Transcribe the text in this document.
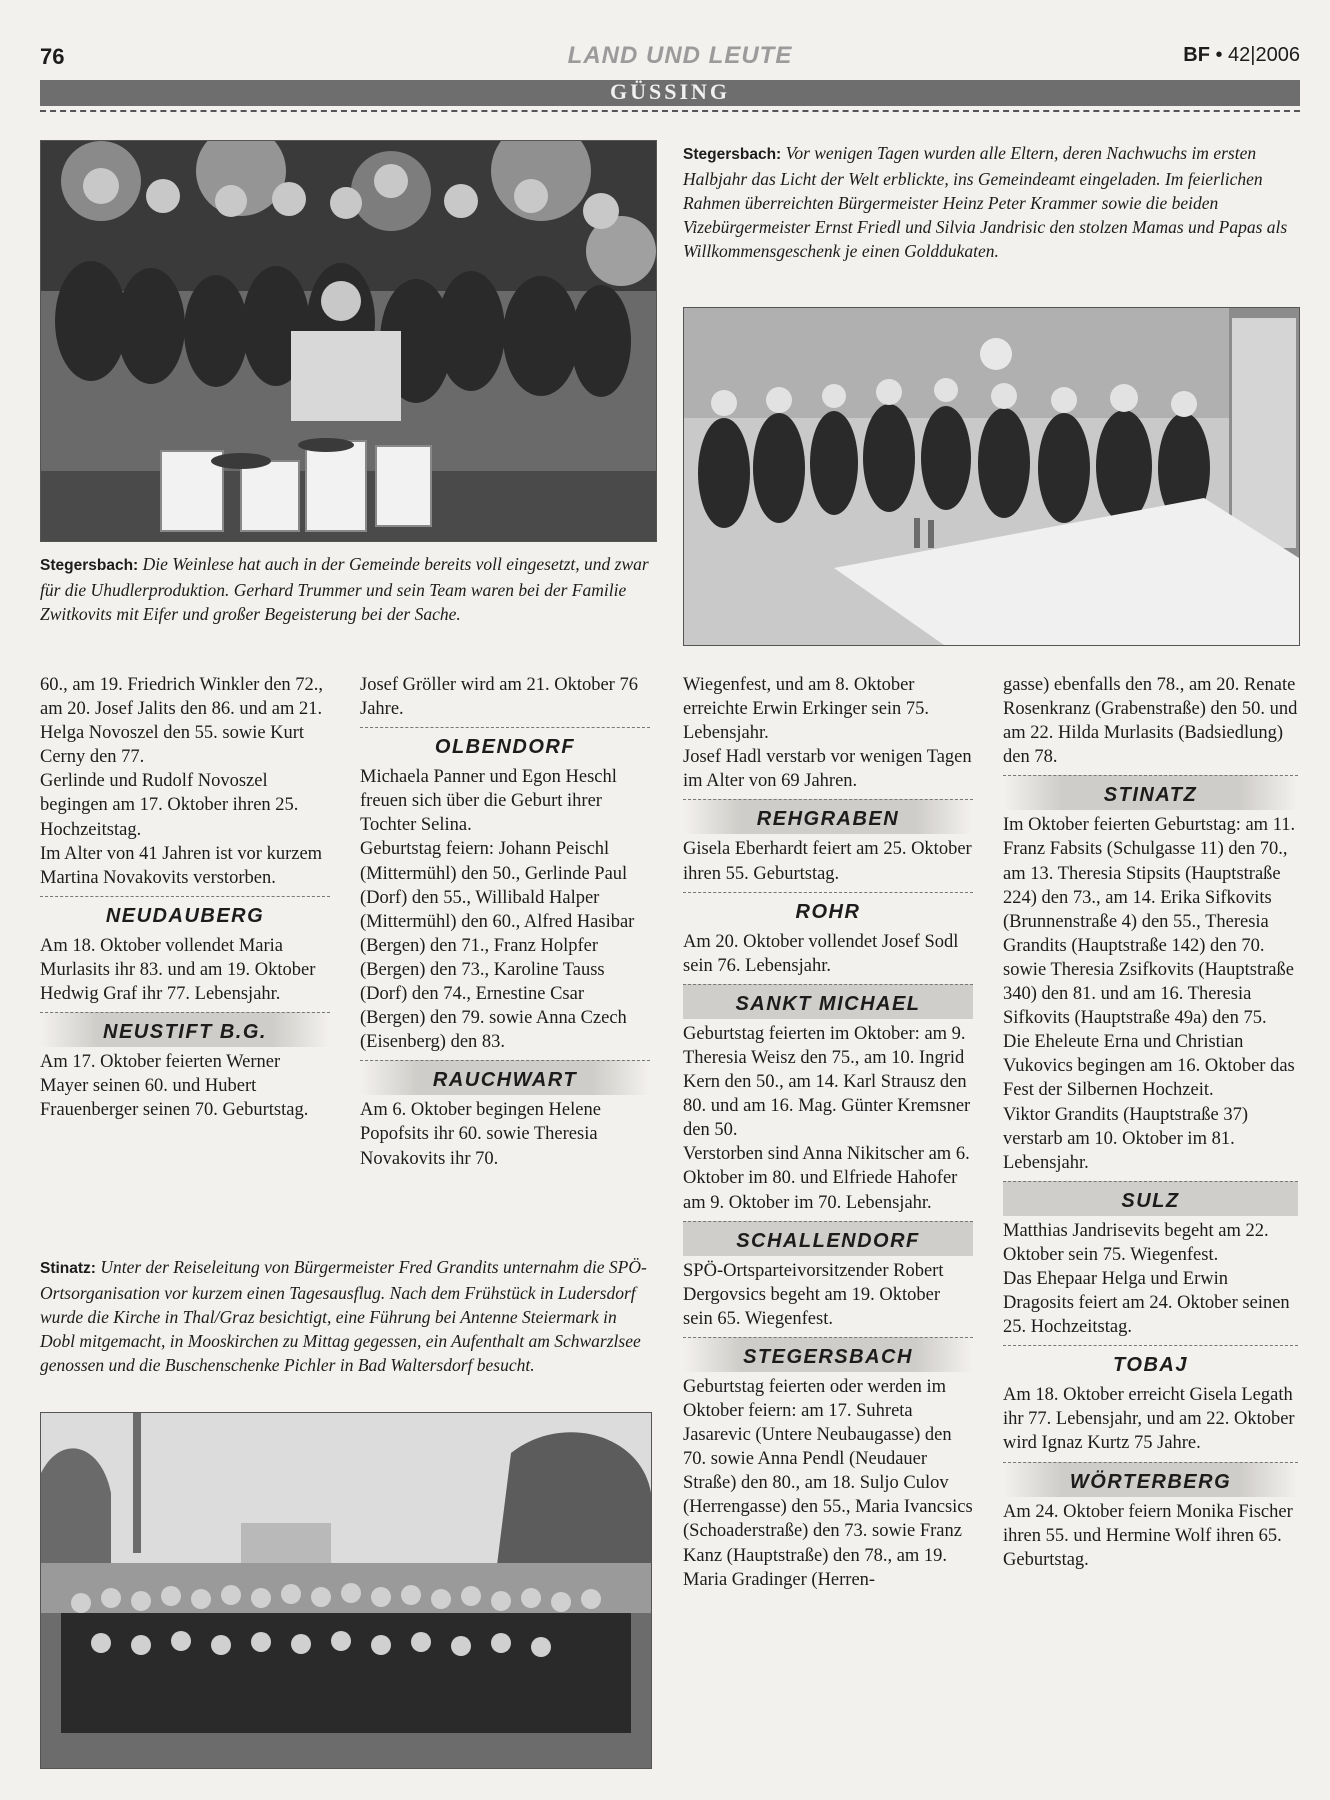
76	LAND UND LEUTE	BF • 42|2006
GÜSSING
Stegersbach: Die Weinlese hat auch in der Gemeinde bereits voll eingesetzt, und zwar für die Uhudlerproduktion. Gerhard Trummer und sein Team waren bei der Familie Zwitkovits mit Eifer und großer Begeisterung bei der Sache.
Stegersbach: Vor wenigen Tagen wurden alle Eltern, deren Nachwuchs im ersten Halbjahr das Licht der Welt erblickte, ins Gemeindeamt eingeladen. Im feierlichen Rahmen überreichten Bürgermeister Heinz Peter Krammer sowie die beiden Vizebürgermeister Ernst Friedl und Silvia Jandrisic den stolzen Mamas und Papas als Willkommensgeschenk je einen Golddukaten.
Stinatz: Unter der Reiseleitung von Bürgermeister Fred Grandits unternahm die SPÖ-Ortsorganisation vor kurzem einen Tagesausflug. Nach dem Frühstück in Ludersdorf wurde die Kirche in Thal/Graz besichtigt, eine Führung bei Antenne Steiermark in Dobl mitgemacht, in Mooskirchen zu Mittag gegessen, ein Aufenthalt am Schwarzlsee genossen und die Buschenschenke Pichler in Bad Waltersdorf besucht.

60., am 19. Friedrich Winkler den 72., am 20. Josef Jalits den 86. und am 21. Helga Novoszel den 55. sowie Kurt Cerny den 77.

Gerlinde und Rudolf Novoszel begingen am 17. Oktober ihren 25. Hochzeitstag.

Im Alter von 41 Jahren ist vor kurzem Martina Novakovits verstorben.

NEUDAUBERG

Am 18. Oktober vollendet Maria Murlasits ihr 83. und am 19. Oktober Hedwig Graf ihr 77. Lebensjahr.

NEUSTIFT B.G.

Am 17. Oktober feierten Werner Mayer seinen 60. und Hubert Frauenberger seinen 70. Geburtstag.

Josef Gröller wird am 21. Oktober 76 Jahre.

OLBENDORF

Michaela Panner und Egon Heschl freuen sich über die Geburt ihrer Tochter Selina.

Geburtstag feiern: Johann Peischl (Mittermühl) den 50., Gerlinde Paul (Dorf) den 55., Willibald Halper (Mittermühl) den 60., Alfred Hasibar (Bergen) den 71., Franz Holpfer (Bergen) den 73., Karoline Tauss (Dorf) den 74., Ernestine Csar (Bergen) den 79. sowie Anna Czech (Eisenberg) den 83.

RAUCHWART

Am 6. Oktober begingen Helene Popofsits ihr 60. sowie Theresia Novakovits ihr 70.

Wiegenfest, und am 8. Oktober erreichte Erwin Erkinger sein 75. Lebensjahr.

Josef Hadl verstarb vor wenigen Tagen im Alter von 69 Jahren.

REHGRABEN

Gisela Eberhardt feiert am 25. Oktober ihren 55. Geburtstag.

ROHR

Am 20. Oktober vollendet Josef Sodl sein 76. Lebensjahr.

SANKT MICHAEL

Geburtstag feierten im Oktober: am 9. Theresia Weisz den 75., am 10. Ingrid Kern den 50., am 14. Karl Strausz den 80. und am 16. Mag. Günter Kremsner den 50.

Verstorben sind Anna Nikitscher am 6. Oktober im 80. und Elfriede Hahofer am 9. Oktober im 70. Lebensjahr.

SCHALLENDORF

SPÖ-Ortsparteivorsitzender Robert Dergovsics begeht am 19. Oktober sein 65. Wiegenfest.

STEGERSBACH

Geburtstag feierten oder werden im Oktober feiern: am 17. Suhreta Jasarevic (Untere Neubaugasse) den 70. sowie Anna Pendl (Neudauer Straße) den 80., am 18. Suljo Culov (Herrengasse) den 55., Maria Ivancsics (Schoaderstraße) den 73. sowie Franz Kanz (Hauptstraße) den 78., am 19. Maria Gradinger (Herren-

gasse) ebenfalls den 78., am 20. Renate Rosenkranz (Grabenstraße) den 50. und am 22. Hilda Murlasits (Badsiedlung) den 78.

STINATZ

Im Oktober feierten Geburtstag: am 11. Franz Fabsits (Schulgasse 11) den 70., am 13. Theresia Stipsits (Hauptstraße 224) den 73., am 14. Erika Sifkovits (Brunnenstraße 4) den 55., Theresia Grandits (Hauptstraße 142) den 70. sowie Theresia Zsifkovits (Hauptstraße 340) den 81. und am 16. Theresia Sifkovits (Hauptstraße 49a) den 75.

Die Eheleute Erna und Christian Vukovics begingen am 16. Oktober das Fest der Silbernen Hochzeit.

Viktor Grandits (Hauptstraße 37) verstarb am 10. Oktober im 81. Lebensjahr.

SULZ

Matthias Jandrisevits begeht am 22. Oktober sein 75. Wiegenfest.

Das Ehepaar Helga und Erwin Dragosits feiert am 24. Oktober seinen 25. Hochzeitstag.

TOBAJ

Am 18. Oktober erreicht Gisela Legath ihr 77. Lebensjahr, und am 22. Oktober wird Ignaz Kurtz 75 Jahre.

WÖRTERBERG

Am 24. Oktober feiern Monika Fischer ihren 55. und Hermine Wolf ihren 65. Geburtstag.
